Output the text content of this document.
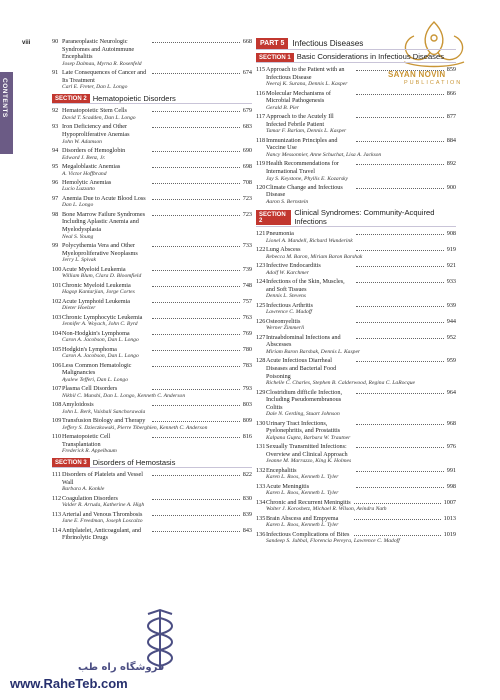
viii
CONTENTS
SAYAN NOVIN
PUBLICATION
90 Paraneoplastic Neurologic Syndromes and Autoimmune Encephalitis
668
Josep Dalmau, Myrna R. Rosenfeld
91 Late Consequences of Cancer and Its Treatment
674
Carl E. Freter, Dan L. Longo
SECTION 2 Hematopoietic Disorders
92 Hematopoietic Stem Cells	679
David T. Scadden, Dan L. Longo
93 Iron Deficiency and Other Hypoproliferative Anemias
683
John W. Adamson
94 Disorders of Hemoglobin	690
Edward J. Benz, Jr.
95 Megaloblastic Anemias	698
A. Victor Hoffbrand
96 Hemolytic Anemias	708
Lucio Luzzatto
97 Anemia Due to Acute Blood Loss	723
Dan L. Longo
98 Bone Marrow Failure Syndromes Including Aplastic Anemia and Myelodysplasia
723
Neal S. Young
99 Polycythemia Vera and Other Myeloproliferative Neoplasms
733
Jerry L. Spivak
100 Acute Myeloid Leukemia	739
William Blum, Clara D. Bloomfield
101 Chronic Myeloid Leukemia	748
Hagop Kantarjian, Jorge Cortes
102 Acute Lymphoid Leukemia	757
Dieter Hoelzer
103 Chronic Lymphocytic Leukemia	763
Jennifer A. Woyach, John C. Byrd
104 Non-Hodgkin's Lymphoma	769
Caron A. Jacobson, Dan L. Longo
105 Hodgkin's Lymphoma	780
Caron A. Jacobson, Dan L. Longo
106 Less Common Hematologic Malignancies
783
Ayalew Tefferi, Dan L. Longo
107 Plasma Cell Disorders	793
Nikhil C. Munshi, Dan L. Longo, Kenneth C. Anderson
108 Amyloidosis	803
John L. Berk, Vaishali Sanchorawala
109 Transfusion Biology and Therapy	809
Jeffery S. Dzieczkowski, Pierre Tiberghien, Kenneth C. Anderson
110 Hematopoietic Cell Transplantation
816
Frederick R. Appelbaum
SECTION 3 Disorders of Hemostasis
111 Disorders of Platelets and Vessel Wall
822
Barbara A. Konkle
112 Coagulation Disorders	830
Valder R. Arruda, Katherine A. High
113 Arterial and Venous Thrombosis	839
Jane E. Freedman, Joseph Loscalzo
114 Antiplatelet, Anticoagulant, and Fibrinolytic Drugs
843
PART 5 Infectious Diseases
SECTION 1 Basic Considerations in Infectious Diseases
115 Approach to the Patient with an Infectious Disease
859
Neeraj K. Surana, Dennis L. Kasper
116 Molecular Mechanisms of Microbial Pathogenesis
866
Gerald B. Pier
117 Approach to the Acutely Ill Infected Febrile Patient
877
Tamar F. Barlam, Dennis L. Kasper
118 Immunization Principles and Vaccine Use
884
Nancy Messonnier, Anne Schuchat, Lisa A. Jackson
119 Health Recommendations for International Travel
892
Jay S. Keystone, Phyllis E. Kozarsky
120 Climate Change and Infectious Disease
900
Aaron S. Bernstein
SECTION 2
Clinical Syndromes: Community-Acquired Infections
121 Pneumonia	908
Lionel A. Mandell, Richard Wunderink
122 Lung Abscess	919
Rebecca M. Baron, Miriam Baron Barshak
123 Infective Endocarditis	921
Adolf W. Karchmer
124 Infections of the Skin, Muscles, and Soft Tissues
933
Dennis L. Stevens
125 Infectious Arthritis	939
Lawrence C. Madoff
126 Osteomyelitis	944
Werner Zimmerli
127 Intraabdominal Infections and Abscesses
952
Miriam Baron Barshak, Dennis L. Kasper
128 Acute Infectious Diarrheal Diseases and Bacterial Food Poisoning
959
Richelle C. Charles, Stephen B. Calderwood, Regina C. LaRocque
129 Clostridium difficile Infection, Including Pseudomembranous Colitis
964
Dale N. Gerding, Stuart Johnson
130 Urinary Tract Infections, Pyelonephritis, and Prostatitis
968
Kalpana Gupta, Barbara W. Trautner
131 Sexually Transmitted Infections: Overview and Clinical Approach
976
Jeanne M. Marrazzo, King K. Holmes
132 Encephalitis	991
Karen L. Roos, Kenneth L. Tyler
133 Acute Meningitis	998
Karen L. Roos, Kenneth L. Tyler
134 Chronic and Recurrent Meningitis	1007
Walter J. Koroshetz, Michael R. Wilson, Avindra Nath
135 Brain Abscess and Empyema	1013
Karen L. Roos, Kenneth L. Tyler
136 Infectious Complications of Bites	1019
Sandeep S. Jubbal, Florencia Pereyra, Lawrence C. Madoff
فروشگاه راه طب
www.RaheTeb.com
